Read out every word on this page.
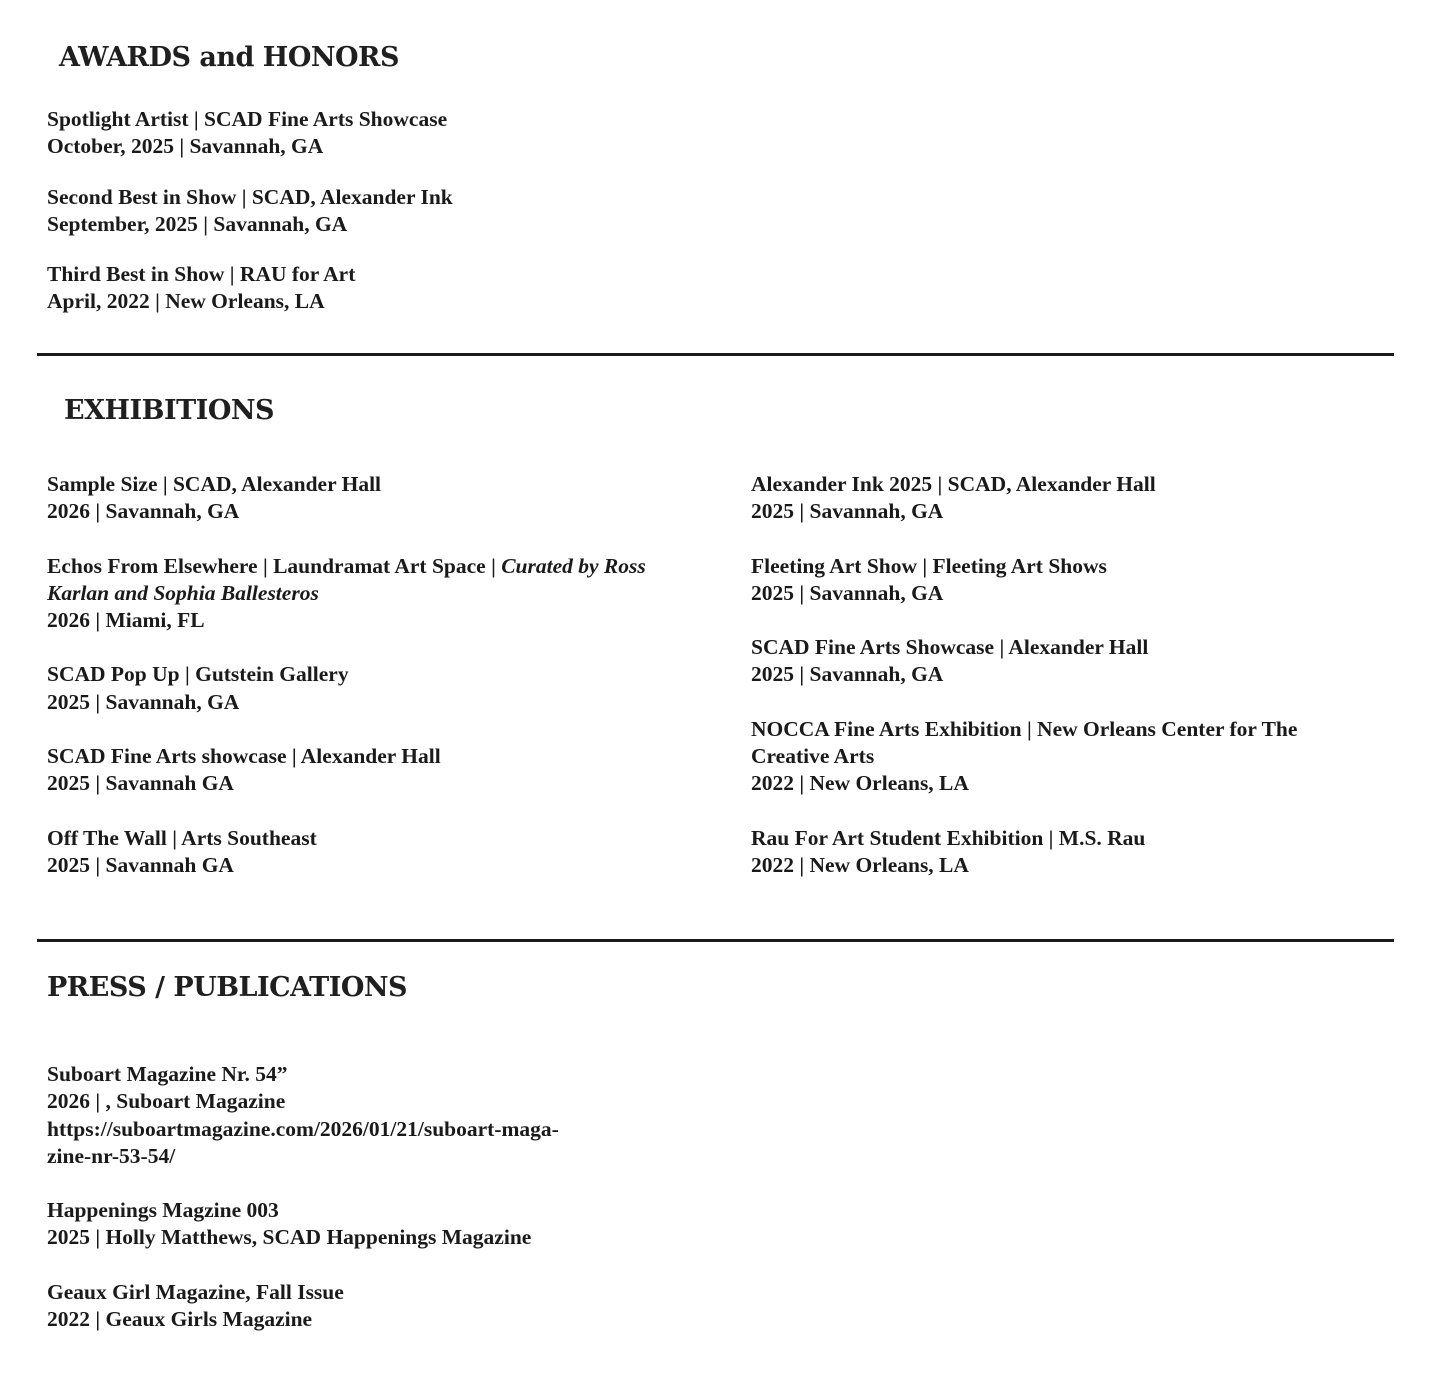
AWARDS and HONORS
Spotlight Artist | SCAD Fine Arts Showcase
October, 2025 | Savannah, GA
Second Best in Show | SCAD, Alexander Ink
September, 2025 | Savannah, GA
Third Best in Show | RAU for Art
April, 2022 | New Orleans, LA
EXHIBITIONS
Sample Size | SCAD, Alexander Hall
2026 | Savannah, GA
Echos From Elsewhere | Laundramat Art Space | Curated by Ross Karlan and Sophia Ballesteros
2026 | Miami, FL
SCAD Pop Up | Gutstein Gallery
2025 | Savannah, GA
SCAD Fine Arts showcase | Alexander Hall
2025 | Savannah GA
Off The Wall | Arts Southeast
2025 | Savannah GA
Alexander Ink 2025 | SCAD, Alexander Hall
2025 | Savannah, GA
Fleeting Art Show | Fleeting Art Shows
2025 | Savannah, GA
SCAD Fine Arts Showcase | Alexander Hall
2025 | Savannah, GA
NOCCA Fine Arts Exhibition | New Orleans Center for The Creative Arts
2022 | New Orleans, LA
Rau For Art Student Exhibition | M.S. Rau
2022 | New Orleans, LA
PRESS / PUBLICATIONS
Suboart Magazine Nr. 54”
2026 | , Suboart Magazine
https://suboartmagazine.com/2026/01/21/suboart-maga-
zine-nr-53-54/
Happenings Magzine 003
2025 | Holly Matthews, SCAD Happenings Magazine
Geaux Girl Magazine, Fall Issue
2022 | Geaux Girls Magazine
